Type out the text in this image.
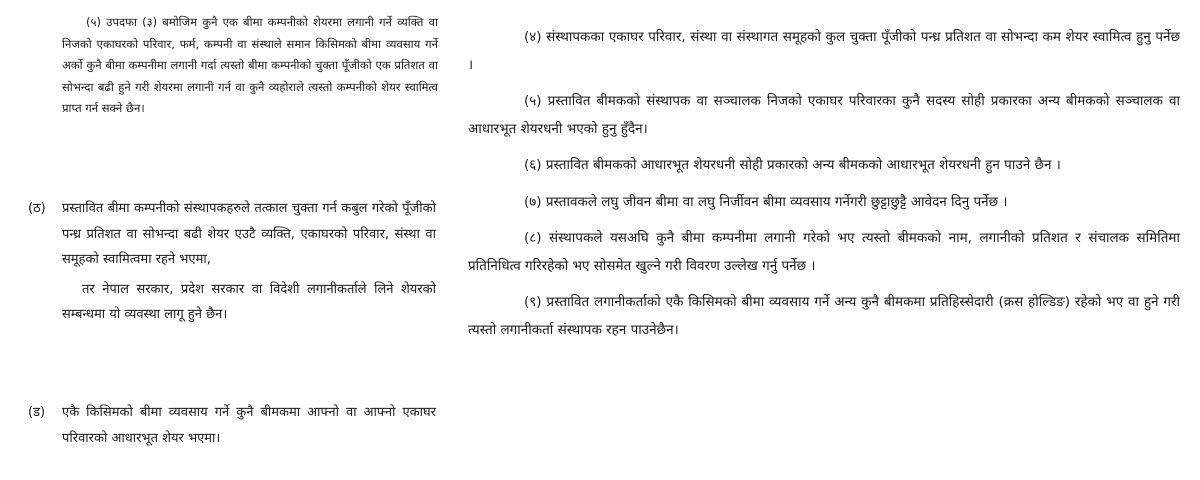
(५) उपदफा (३) बमोजिम कुनै एक बीमा कम्पनीको शेयरमा लगानी गर्ने व्यक्ति वा निजको एकाघरको परिवार, फर्म, कम्पनी वा संस्थाले समान किसिमको बीमा व्यवसाय गर्ने अर्को कुनै बीमा कम्पनीमा लगानी गर्दा त्यस्तो बीमा कम्पनीको चुक्ता पूँजीको एक प्रतिशत वा सोभन्दा बढी हुने गरी शेयरमा लगानी गर्न वा कुनै व्यहोराले त्यस्तो कम्पनीको शेयर स्वामित्व प्राप्त गर्न सक्ने छैन।

(ठ) प्रस्तावित बीमा कम्पनीको संस्थापकहरुले तत्काल चुक्ता गर्न कबुल गरेको पूँजीको पन्ध्र प्रतिशत वा सोभन्दा बढी शेयर एउटै व्यक्ति, एकाघरको परिवार, संस्था वा समूहको स्वामित्वमा रहने भएमा,

तर नेपाल सरकार, प्रदेश सरकार वा विदेशी लगानीकर्ताले लिने शेयरको सम्बन्धमा यो व्यवस्था लागू हुने छैन।

(ड) एकै किसिमको बीमा व्यवसाय गर्ने कुनै बीमकमा आफ्नो वा आफ्नो एकाघर परिवारको आधारभूत शेयर भएमा।

(४) संस्थापकका एकाघर परिवार, संस्था वा संस्थागत समूहको कुल चुक्ता पूँजीको पन्ध्र प्रतिशत वा सोभन्दा कम शेयर स्वामित्व हुनु पर्नेछ ।

(५) प्रस्तावित बीमकको संस्थापक वा सञ्चालक निजको एकाघर परिवारका कुनै सदस्य सोही प्रकारका अन्य बीमकको सञ्चालक वा आधारभूत शेयरधनी भएको हुनु हुँदैन।

(६) प्रस्तावित बीमकको आधारभूत शेयरधनी सोही प्रकारको अन्य बीमकको आधारभूत शेयरधनी हुन पाउने छैन ।

(७) प्रस्तावकले लघु जीवन बीमा वा लघु निर्जीवन बीमा व्यवसाय गर्नेगरी छुट्टाछुट्टै आवेदन दिनु पर्नेछ ।

(८) संस्थापकले यसअघि कुनै बीमा कम्पनीमा लगानी गरेको भए त्यस्तो बीमकको नाम, लगानीको प्रतिशत र संचालक समितिमा प्रतिनिधित्व गरिरहेको भए सोसमेत खुल्ने गरी विवरण उल्लेख गर्नु पर्नेछ ।

(९) प्रस्तावित लगानीकर्ताको एकै किसिमको बीमा व्यवसाय गर्ने अन्य कुनै बीमकमा प्रतिहिस्सेदारी (क्रस होल्डिङ) रहेको भए वा हुने गरी त्यस्तो लगानीकर्ता संस्थापक रहन पाउनेछैन।
